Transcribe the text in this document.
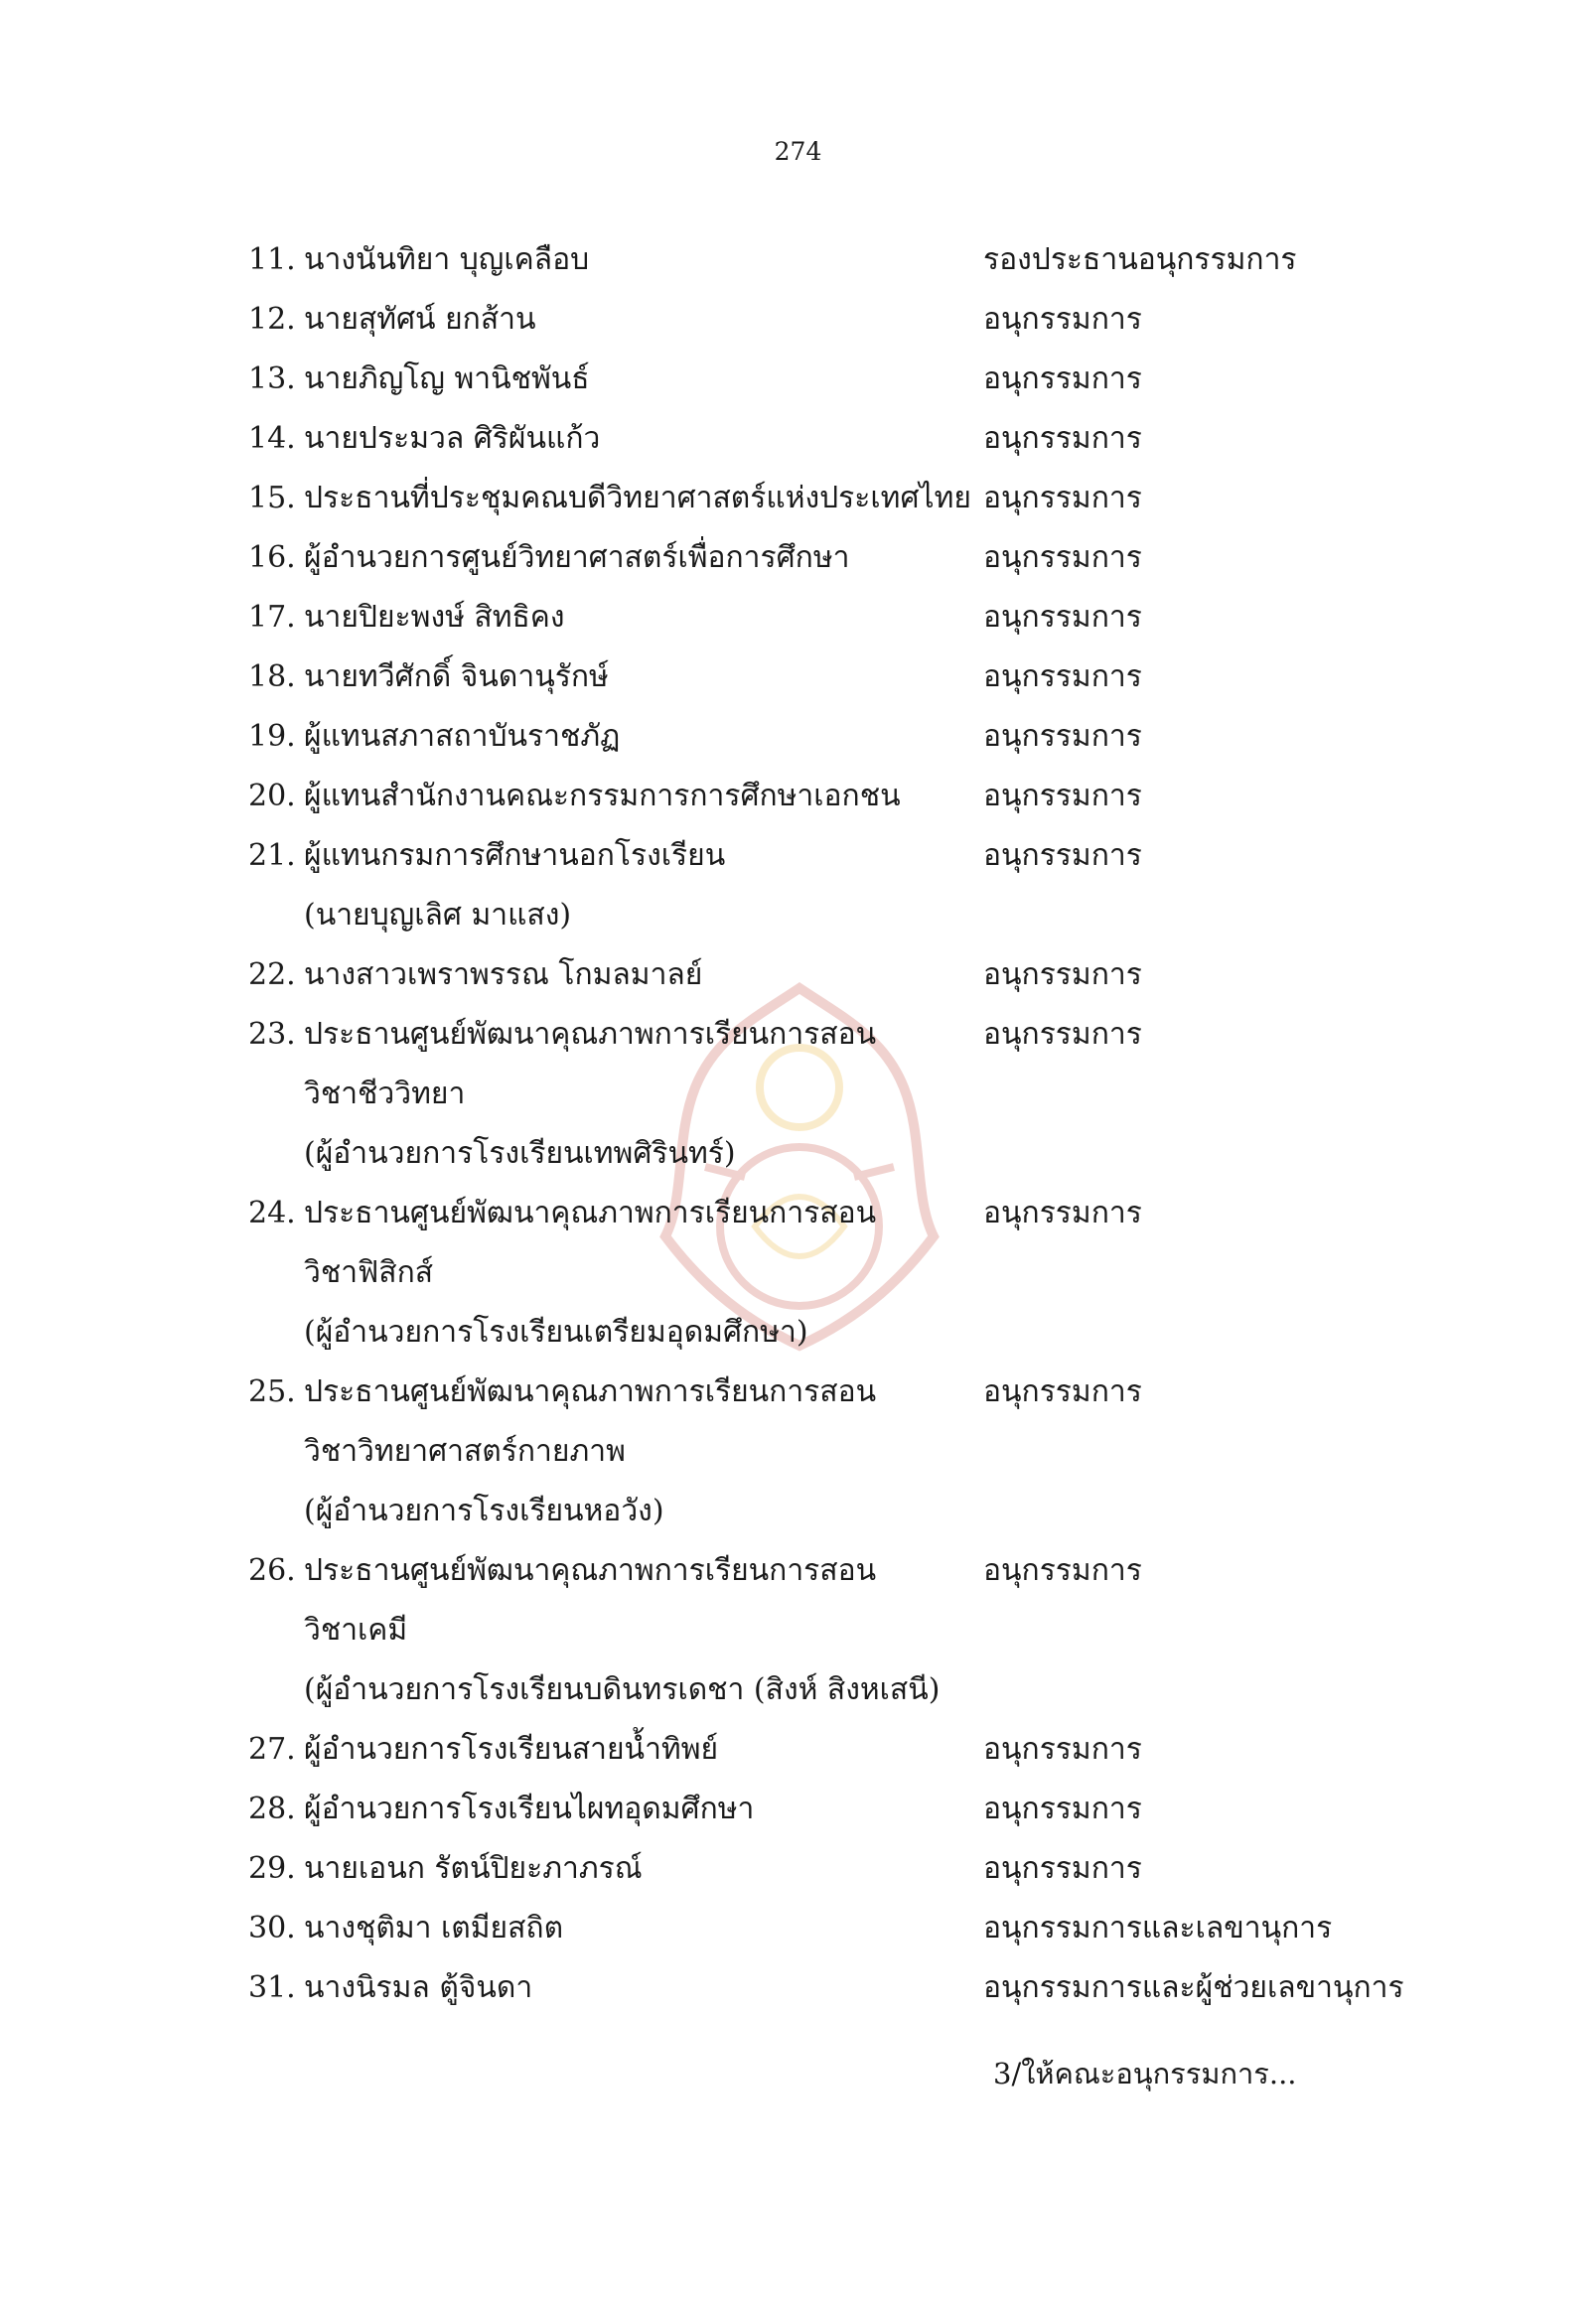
274
11. นางนันทิยา บุญเคลือบ	รองประธานอนุกรรมการ
12. นายสุทัศน์ ยกส้าน	อนุกรรมการ
13. นายภิญโญ พานิชพันธ์	อนุกรรมการ
14. นายประมวล ศิริผันแก้ว	อนุกรรมการ
15. ประธานที่ประชุมคณบดีวิทยาศาสตร์แห่งประเทศไทย อนุกรรมการ
16. ผู้อำนวยการศูนย์วิทยาศาสตร์เพื่อการศึกษา	อนุกรรมการ
17. นายปิยะพงษ์ สิทธิคง	อนุกรรมการ
18. นายทวีศักดิ์ จินดานุรักษ์	อนุกรรมการ
19. ผู้แทนสภาสถาบันราชภัฏ	อนุกรรมการ
20. ผู้แทนสำนักงานคณะกรรมการการศึกษาเอกชน	อนุกรรมการ
21. ผู้แทนกรมการศึกษานอกโรงเรียน	อนุกรรมการ
(นายบุญเลิศ มาแสง)
22. นางสาวเพราพรรณ โกมลมาลย์	อนุกรรมการ
23. ประธานศูนย์พัฒนาคุณภาพการเรียนการสอน	อนุกรรมการ
วิชาชีววิทยา
(ผู้อำนวยการโรงเรียนเทพศิรินทร์)
24. ประธานศูนย์พัฒนาคุณภาพการเรียนการสอน	อนุกรรมการ
วิชาฟิสิกส์
(ผู้อำนวยการโรงเรียนเตรียมอุดมศึกษา)
25. ประธานศูนย์พัฒนาคุณภาพการเรียนการสอน	อนุกรรมการ
วิชาวิทยาศาสตร์กายภาพ
(ผู้อำนวยการโรงเรียนหอวัง)
26. ประธานศูนย์พัฒนาคุณภาพการเรียนการสอน	อนุกรรมการ
วิชาเคมี
(ผู้อำนวยการโรงเรียนบดินทรเดชา (สิงห์ สิงหเสนี)
27. ผู้อำนวยการโรงเรียนสายน้ำทิพย์	อนุกรรมการ
28. ผู้อำนวยการโรงเรียนไผทอุดมศึกษา	อนุกรรมการ
29. นายเอนก รัตน์ปิยะภาภรณ์	อนุกรรมการ
30. นางชุติมา เตมียสถิต	อนุกรรมการและเลขานุการ
31. นางนิรมล ตู้จินดา	อนุกรรมการและผู้ช่วยเลขานุการ
3/ให้คณะอนุกรรมการ...
